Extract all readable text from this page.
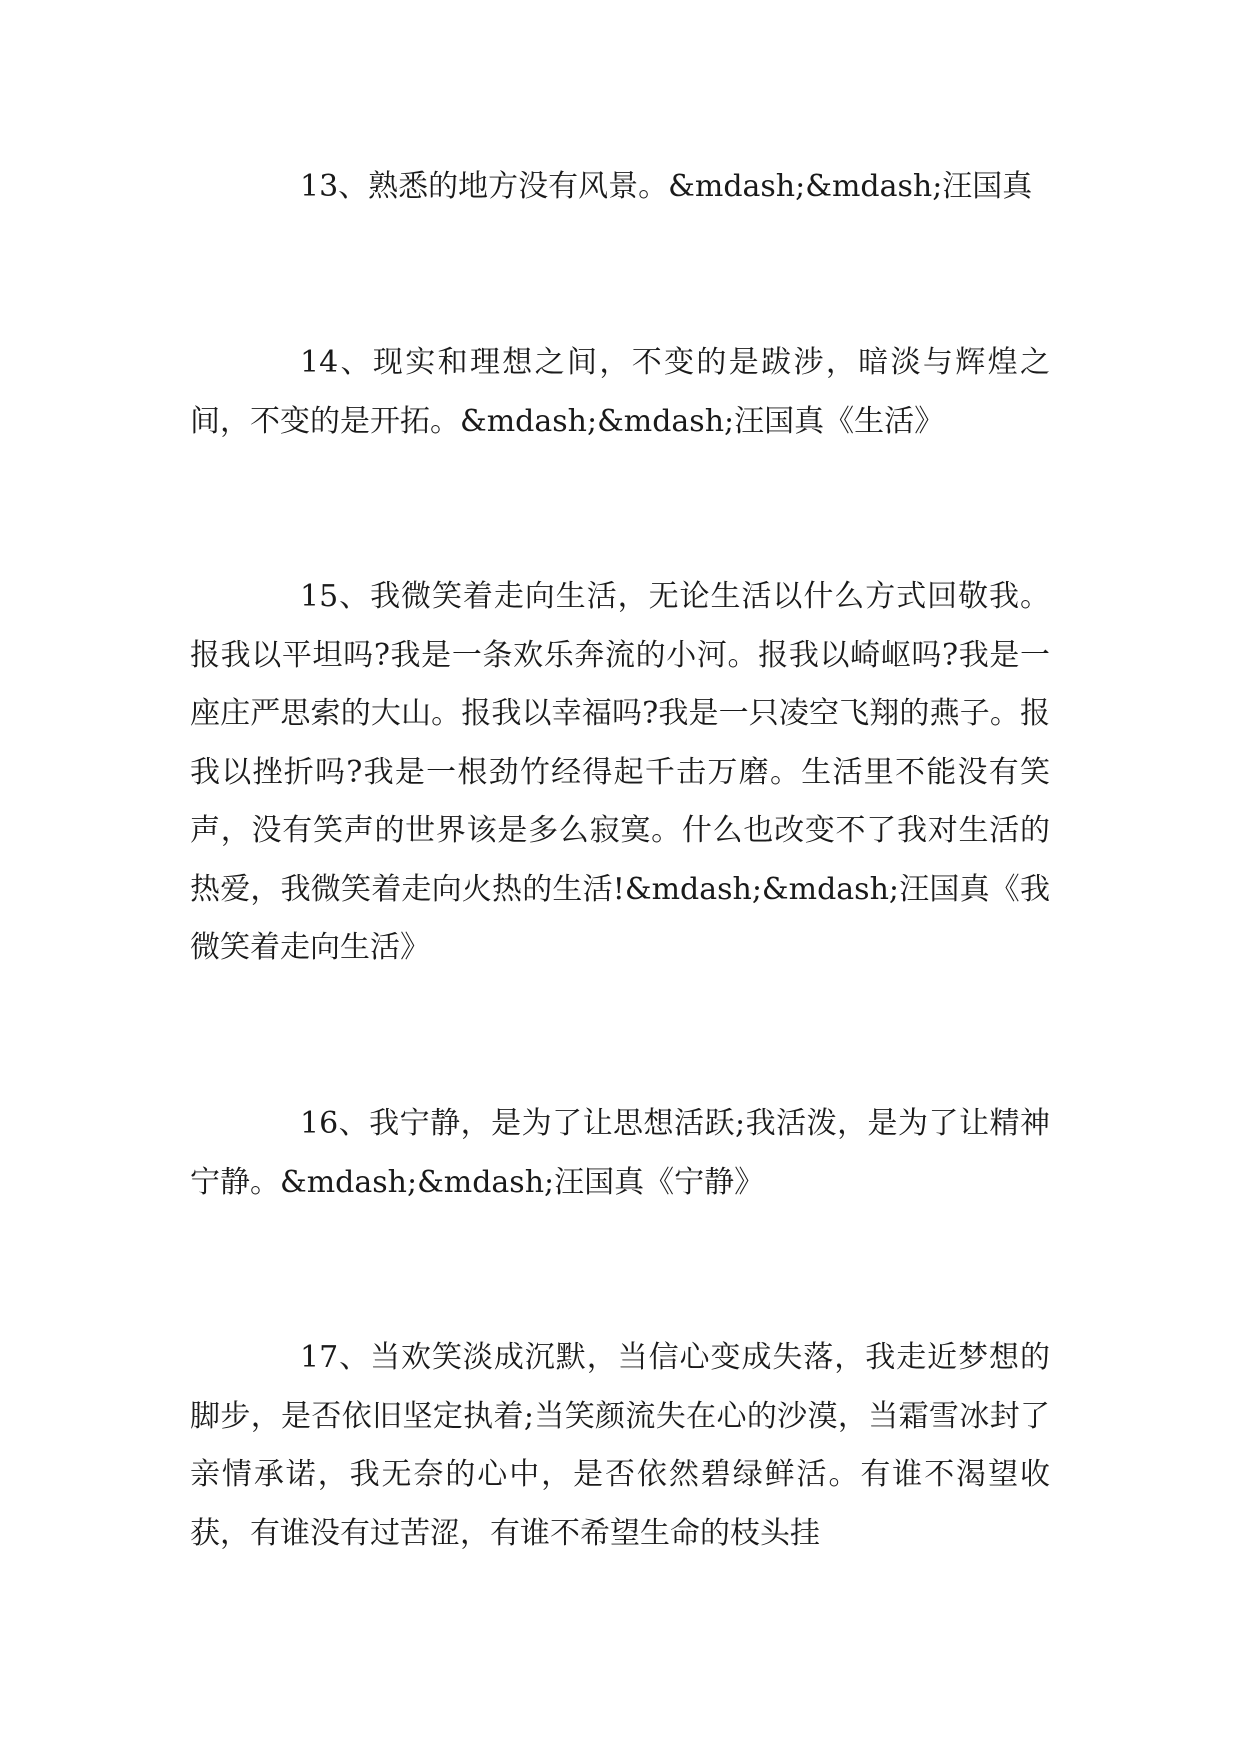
13、熟悉的地方没有风景。&mdash;&mdash;汪国真

14、现实和理想之间，不变的是跋涉，暗淡与辉煌之间，不变的是开拓。&mdash;&mdash;汪国真《生活》

15、我微笑着走向生活，无论生活以什么方式回敬我。报我以平坦吗?我是一条欢乐奔流的小河。报我以崎岖吗?我是一座庄严思索的大山。报我以幸福吗?我是一只凌空飞翔的燕子。报我以挫折吗?我是一根劲竹经得起千击万磨。生活里不能没有笑声，没有笑声的世界该是多么寂寞。什么也改变不了我对生活的热爱，我微笑着走向火热的生活!&mdash;&mdash;汪国真《我微笑着走向生活》

16、我宁静，是为了让思想活跃;我活泼，是为了让精神宁静。&mdash;&mdash;汪国真《宁静》

17、当欢笑淡成沉默，当信心变成失落，我走近梦想的脚步，是否依旧坚定执着;当笑颜流失在心的沙漠，当霜雪冰封了亲情承诺，我无奈的心中，是否依然碧绿鲜活。有谁不渴望收获，有谁没有过苦涩，有谁不希望生命的枝头挂
